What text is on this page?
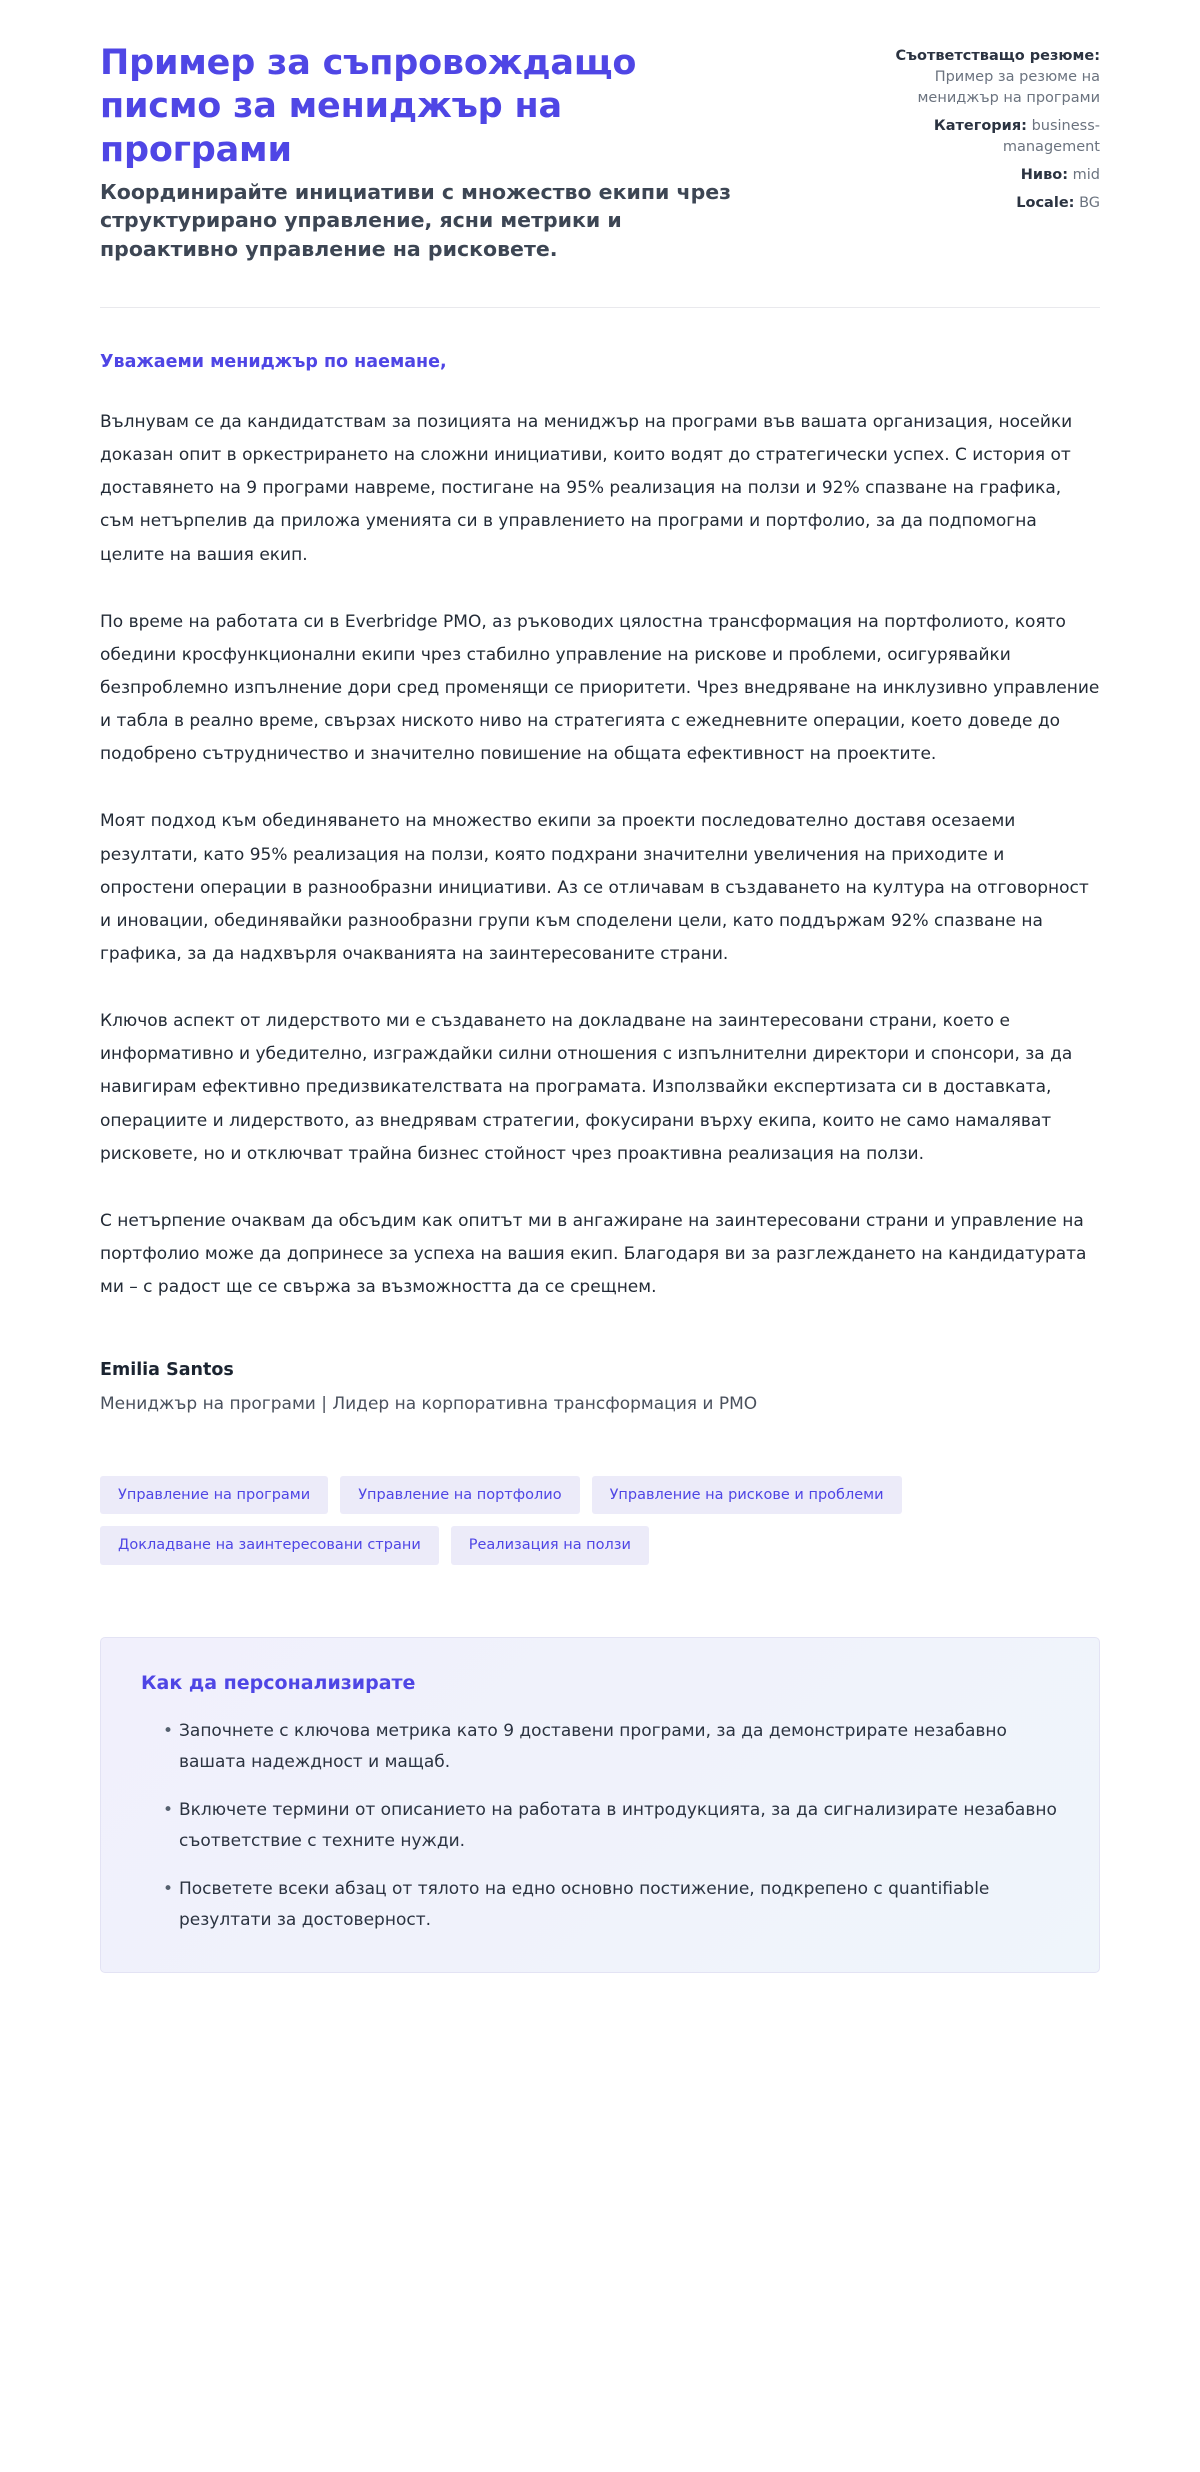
Пример за съпровождащо писмо за мениджър на програми

Координирайте инициативи с множество екипи чрез структурирано управление, ясни метрики и проактивно управление на рисковете.

Съответстващо резюме: Пример за резюме на мениджър на програми
Категория: business-management
Ниво: mid
Locale: BG

Уважаеми мениджър по наемане,

Вълнувам се да кандидатствам за позицията на мениджър на програми във вашата организация, носейки доказан опит в оркестрирането на сложни инициативи, които водят до стратегически успех. С история от доставянето на 9 програми навреме, постигане на 95% реализация на ползи и 92% спазване на графика, съм нетърпелив да приложа уменията си в управлението на програми и портфолио, за да подпомогна целите на вашия екип.

По време на работата си в Everbridge PMO, аз ръководих цялостна трансформация на портфолиото, която обедини кросфункционални екипи чрез стабилно управление на рискове и проблеми, осигурявайки безпроблемно изпълнение дори сред променящи се приоритети. Чрез внедряване на инклузивно управление и табла в реално време, свързах ниското ниво на стратегията с ежедневните операции, което доведе до подобрено сътрудничество и значително повишение на общата ефективност на проектите.

Моят подход към обединяването на множество екипи за проекти последователно доставя осезаеми резултати, като 95% реализация на ползи, която подхрани значителни увеличения на приходите и опростени операции в разнообразни инициативи. Аз се отличавам в създаването на култура на отговорност и иновации, обединявайки разнообразни групи към споделени цели, като поддържам 92% спазване на графика, за да надхвърля очакванията на заинтересованите страни.

Ключов аспект от лидерството ми е създаването на докладване на заинтересовани страни, което е информативно и убедително, изграждайки силни отношения с изпълнителни директори и спонсори, за да навигирам ефективно предизвикателствата на програмата. Използвайки експертизата си в доставката, операциите и лидерството, аз внедрявам стратегии, фокусирани върху екипа, които не само намаляват рисковете, но и отключват трайна бизнес стойност чрез проактивна реализация на ползи.

С нетърпение очаквам да обсъдим как опитът ми в ангажиране на заинтересовани страни и управление на портфолио може да допринесе за успеха на вашия екип. Благодаря ви за разглеждането на кандидатурата ми – с радост ще се свържа за възможността да се срещнем.

Emilia Santos

Мениджър на програми | Лидер на корпоративна трансформация и PMO

Управление на програми	Управление на портфолио	Управление на рискове и проблеми
Докладване на заинтересовани страни	Реализация на ползи
Как да персонализирате
• Започнете с ключова метрика като 9 доставени програми, за да демонстрирате незабавно вашата надеждност и мащаб.
• Включете термини от описанието на работата в интродукцията, за да сигнализирате незабавно съответствие с техните нужди.
• Посветете всеки абзац от тялото на едно основно постижение, подкрепено с quantifiable резултати за достоверност.
